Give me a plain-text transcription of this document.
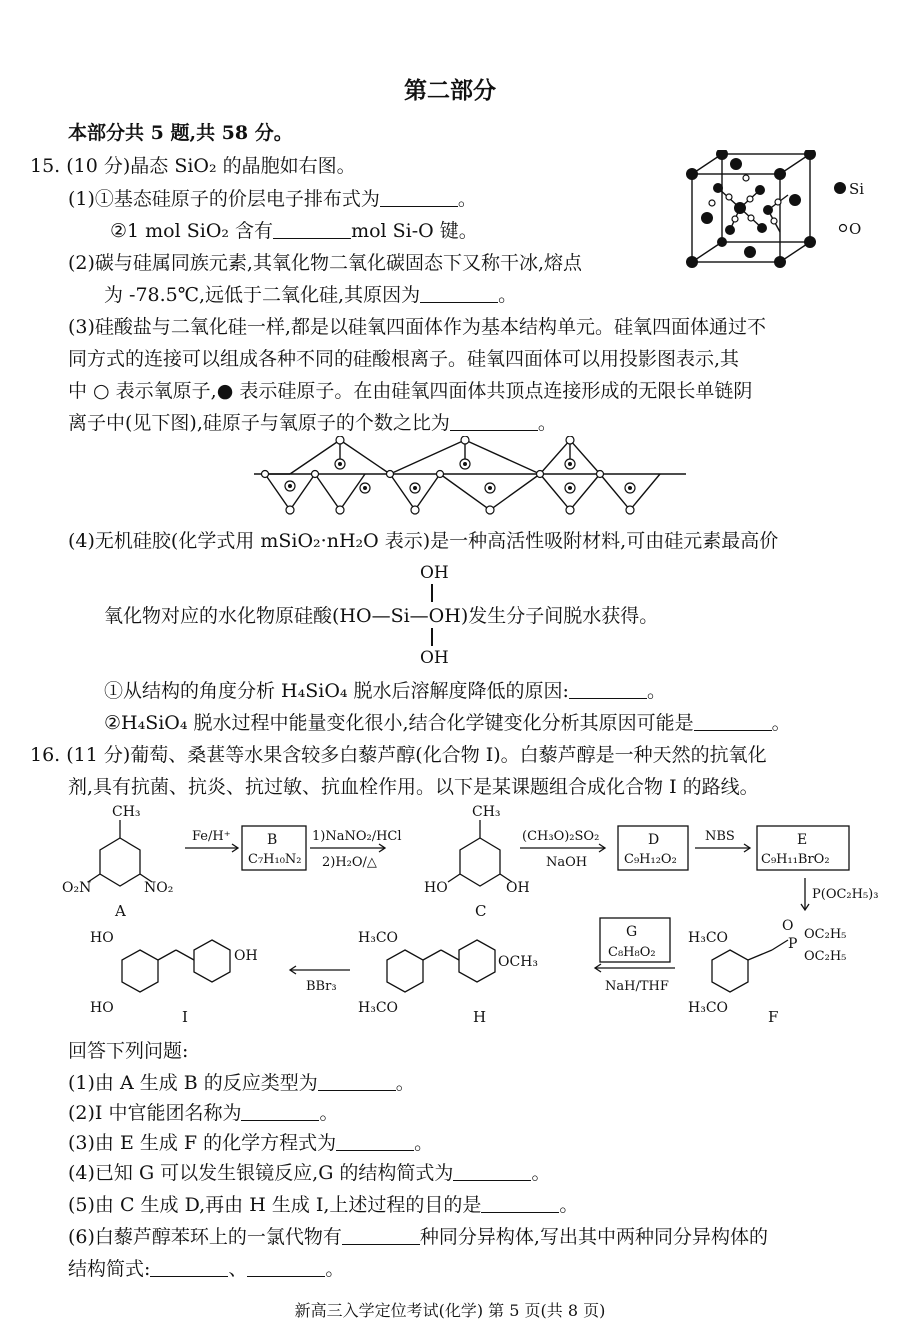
第二部分
本部分共 5 题,共 58 分。
15. (10 分)晶态 SiO₂ 的晶胞如右图。
(1)①基态硅原子的价层电子排布式为	。
②1 mol SiO₂ 含有	mol Si-O 键。
(2)碳与硅属同族元素,其氧化物二氧化碳固态下又称干冰,熔点
为 -78.5℃,远低于二氧化硅,其原因为	。
Si
O
(3)硅酸盐与二氧化硅一样,都是以硅氧四面体作为基本结构单元。硅氧四面体通过不
同方式的连接可以组成各种不同的硅酸根离子。硅氧四面体可以用投影图表示,其
中 ○ 表示氧原子,● 表示硅原子。在由硅氧四面体共顶点连接形成的无限长单链阴
离子中(见下图),硅原子与氧原子的个数之比为	。
(4)无机硅胶(化学式用 mSiO₂·nH₂O 表示)是一种高活性吸附材料,可由硅元素最高价
OH
氧化物对应的水化物原硅酸(HO—Si—OH)发生分子间脱水获得。
OH
①从结构的角度分析 H₄SiO₄ 脱水后溶解度降低的原因:	。
②H₄SiO₄ 脱水过程中能量变化很小,结合化学键变化分析其原因可能是	。
16. (11 分)葡萄、桑葚等水果含较多白藜芦醇(化合物 I)。白藜芦醇是一种天然的抗氧化
剂,具有抗菌、抗炎、抗过敏、抗血栓作用。以下是某课题组合成化合物 I 的路线。
CH₃
O₂N	NO₂
A
Fe/H⁺	B
C₇H₁₀N₂
1)NaNO₂/HCl
2)H₂O/△
CH₃
HO	OH
C
(CH₃O)₂SO₂
NaOH
D
C₉H₁₂O₂
NBS	E
C₉H₁₁BrO₂
P(OC₂H₅)₃
G
C₈H₈O₂
NaH/THF
BBr₃
HO
HO
OH
I
H₃CO
H₃CO
OCH₃
H
H₃CO
H₃CO
O
P
OC₂H₅
OC₂H₅
F
回答下列问题:
(1)由 A 生成 B 的反应类型为	。
(2)I 中官能团名称为	。
(3)由 E 生成 F 的化学方程式为	。
(4)已知 G 可以发生银镜反应,G 的结构简式为	。
(5)由 C 生成 D,再由 H 生成 I,上述过程的目的是	。
(6)白藜芦醇苯环上的一氯代物有	种同分异构体,写出其中两种同分异构体的
结构简式:	、	。
新高三入学定位考试(化学) 第 5 页(共 8 页)
